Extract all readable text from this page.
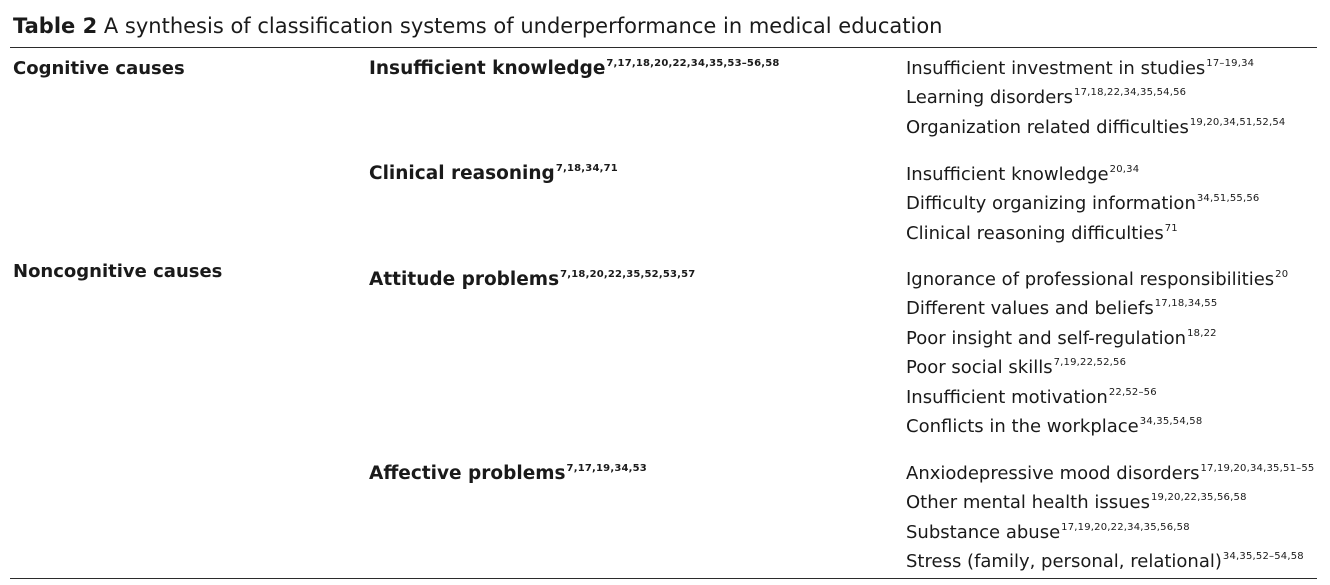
Table 2 A synthesis of classification systems of underperformance in medical education
Cognitive causes
Noncognitive causes
Insufficient knowledge$^{7,17,18,20,22,34,35,53-56,58}$
Clinical reasoning$^{7,18,34,71}$
Attitude problems$^{7,18,20,22,35,52,53,57}$
Affective problems$^{7,17,19,34,53}$
Insufficient investment in studies$^{17-19,34}$
Learning disorders$^{17,18,22,34,35,54,56}$
Organization related difficulties$^{19,20,34,51,52,54}$
Insufficient knowledge$^{20,34}$
Difficulty organizing information$^{34,51,55,56}$
Clinical reasoning difficulties$^{71}$
Ignorance of professional responsibilities$^{20}$
Different values and beliefs$^{17,18,34,55}$
Poor insight and self-regulation$^{18,22}$
Poor social skills$^{7,19,22,52,56}$
Insufficient motivation$^{22,52-56}$
Conflicts in the workplace$^{34,35,54,58}$
Anxiodepressive mood disorders$^{17,19,20,34,35,51-55}$
Other mental health issues$^{19,20,22,35,56,58}$
Substance abuse$^{17,19,20,22,34,35,56,58}$
Stress (family, personal, relational)$^{34,35,52-54,58}$
